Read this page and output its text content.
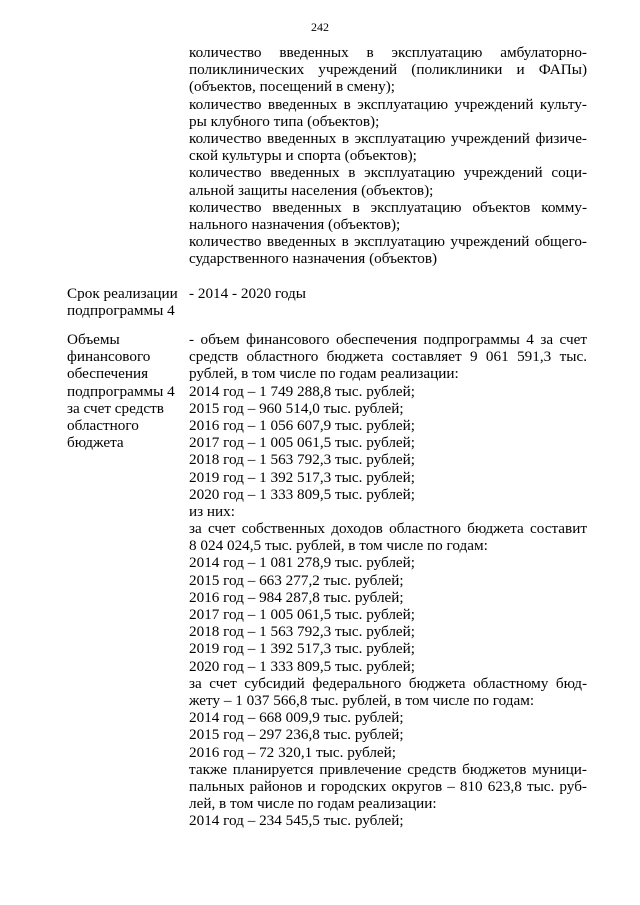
242
количество введенных в эксплуатацию амбулаторно-
поликлинических учреждений (поликлиники и ФАПы)
(объектов, посещений в смену);
количество введенных в эксплуатацию учреждений культу-
ры клубного типа (объектов);
количество введенных в эксплуатацию учреждений физиче-
ской культуры и спорта (объектов);
количество введенных в эксплуатацию учреждений соци-
альной защиты населения (объектов);
количество введенных в эксплуатацию объектов комму-
нального назначения (объектов);
количество введенных в эксплуатацию учреждений общего-
сударственного назначения (объектов)
Срок реализации
подпрограммы 4
- 2014 - 2020 годы
Объемы
финансового
обеспечения
подпрограммы 4
за счет средств
областного
бюджета
- объем финансового обеспечения подпрограммы 4 за счет
средств областного бюджета составляет 9 061 591,3 тыс.
рублей, в том числе по годам реализации:
2014 год – 1 749 288,8 тыс. рублей;
2015 год – 960 514,0 тыс. рублей;
2016 год – 1 056 607,9 тыс. рублей;
2017 год – 1 005 061,5 тыс. рублей;
2018 год – 1 563 792,3 тыс. рублей;
2019 год – 1 392 517,3 тыс. рублей;
2020 год – 1 333 809,5 тыс. рублей;
из них:
за счет собственных доходов областного бюджета составит
8 024 024,5 тыс. рублей, в том числе по годам:
2014 год – 1 081 278,9 тыс. рублей;
2015 год – 663 277,2 тыс. рублей;
2016 год – 984 287,8 тыс. рублей;
2017 год – 1 005 061,5 тыс. рублей;
2018 год – 1 563 792,3 тыс. рублей;
2019 год – 1 392 517,3 тыс. рублей;
2020 год – 1 333 809,5 тыс. рублей;
за счет субсидий федерального бюджета областному бюд-
жету – 1 037 566,8 тыс. рублей, в том числе по годам:
2014 год – 668 009,9 тыс. рублей;
2015 год – 297 236,8 тыс. рублей;
2016 год – 72 320,1 тыс. рублей;
также планируется привлечение средств бюджетов муници-
пальных районов и городских округов – 810 623,8 тыс. руб-
лей, в том числе по годам реализации:
2014 год – 234 545,5 тыс. рублей;
